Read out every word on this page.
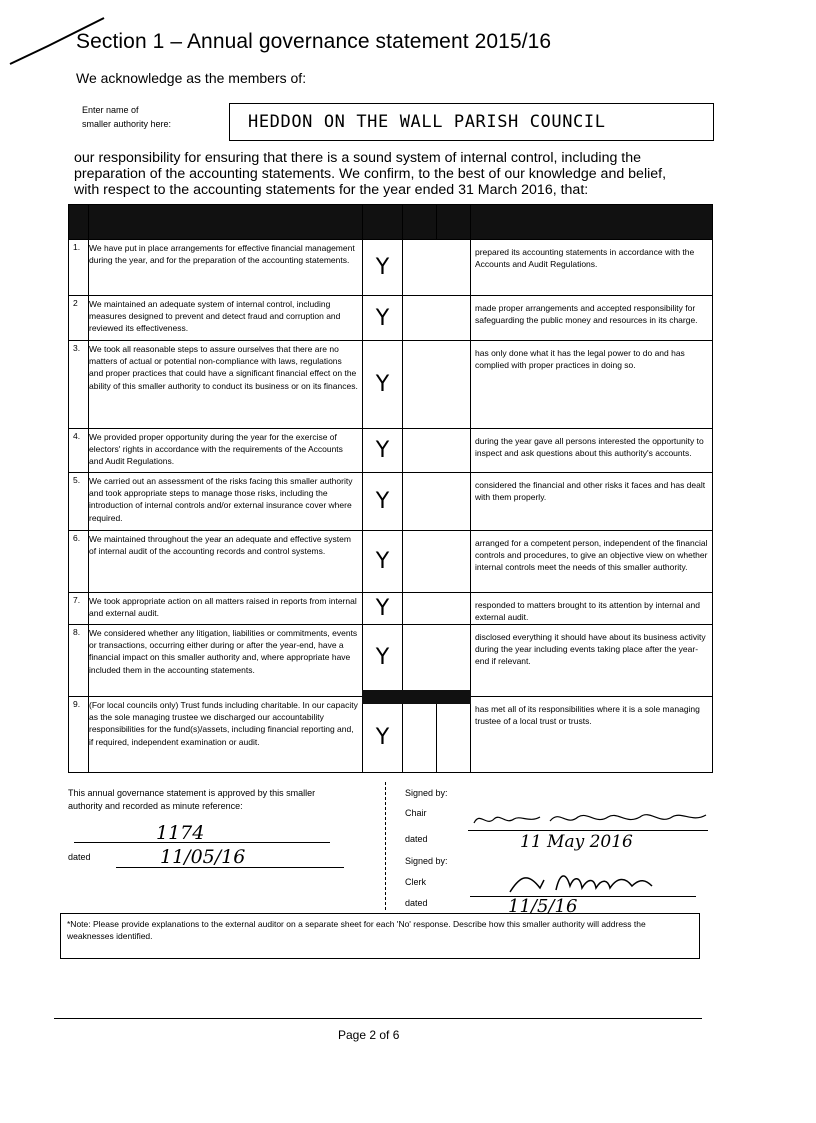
Section 1 – Annual governance statement 2015/16
We acknowledge as the members of:
Enter name of
smaller authority here:	HEDDON ON THE WALL PARISH COUNCIL
our responsibility for ensuring that there is a sound system of internal control, including the
preparation of the accounting statements. We confirm, to the best of our knowledge and belief,
with respect to the accounting statements for the year ended 31 March 2016, that:

1.	We have put in place arrangements for effective financial management during the year, and for the preparation of the accounting statements.	Y			prepared its accounting statements in accordance with the Accounts and Audit Regulations.
2	We maintained an adequate system of internal control, including measures designed to prevent and detect fraud and corruption and reviewed its effectiveness.	Y			made proper arrangements and accepted responsibility for safeguarding the public money and resources in its charge.
3.	We took all reasonable steps to assure ourselves that there are no matters of actual or potential non-compliance with laws, regulations and proper practices that could have a significant financial effect on the ability of this smaller authority to conduct its business or on its finances.	Y			has only done what it has the legal power to do and has complied with proper practices in doing so.
4.	We provided proper opportunity during the year for the exercise of electors' rights in accordance with the requirements of the Accounts and Audit Regulations.	Y			during the year gave all persons interested the opportunity to inspect and ask questions about this authority's accounts.
5.	We carried out an assessment of the risks facing this smaller authority and took appropriate steps to manage those risks, including the introduction of internal controls and/or external insurance cover where required.	Y			considered the financial and other risks it faces and has dealt with them properly.
6.	We maintained throughout the year an adequate and effective system of internal audit of the accounting records and control systems.	Y			arranged for a competent person, independent of the financial controls and procedures, to give an objective view on whether internal controls meet the needs of this smaller authority.
7.	We took appropriate action on all matters raised in reports from internal and external audit.	Y			responded to matters brought to its attention by internal and external audit.
8.	We considered whether any litigation, liabilities or commitments, events or transactions, occurring either during or after the year-end, have a financial impact on this smaller authority and, where appropriate have included them in the accounting statements.	Y			disclosed everything it should have about its business activity during the year including events taking place after the year-end if relevant.
9.	(For local councils only) Trust funds including charitable. In our capacity as the sole managing trustee we discharged our accountability responsibilities for the fund(s)/assets, including financial reporting and, if required, independent examination or audit.	Y			has met all of its responsibilities where it is a sole managing trustee of a local trust or trusts.
This annual governance statement is approved by this smaller authority and recorded as minute reference:
1174
dated	11/05/16
Signed by:
Chair
dated	11 May 2016
Signed by:
Clerk
dated	11/5/16
*Note: Please provide explanations to the external auditor on a separate sheet for each 'No' response. Describe how this smaller authority will address the weaknesses identified.
Page 2 of 6
